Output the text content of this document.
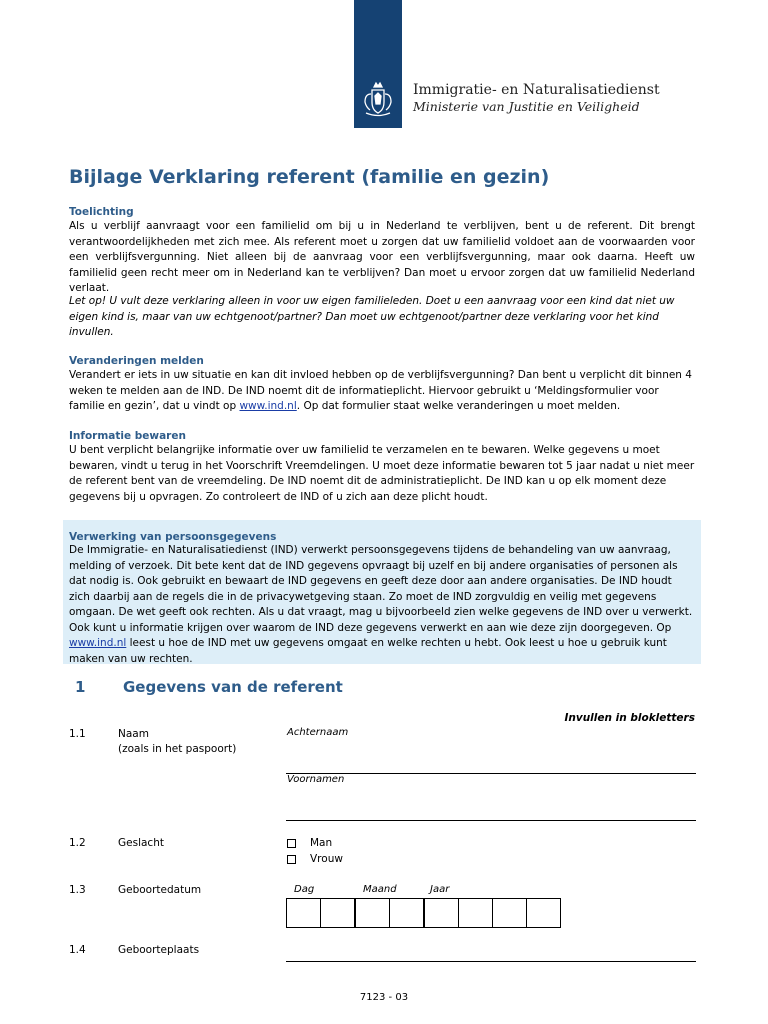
Immigratie- en Naturalisatiedienst
Ministerie van Justitie en Veiligheid
Bijlage Verklaring referent (familie en gezin)
Toelichting
Als u verblijf aanvraagt voor een familielid om bij u in Nederland te verblijven, bent u de referent. Dit brengt verantwoordelijkheden met zich mee. Als referent moet u zorgen dat uw familielid voldoet aan de voorwaarden voor een verblijfsvergunning. Niet alleen bij de aanvraag voor een verblijfsvergunning, maar ook daarna. Heeft uw familielid geen recht meer om in Nederland kan te verblijven? Dan moet u ervoor zorgen dat uw familielid Nederland verlaat.
Let op! U vult deze verklaring alleen in voor uw eigen familieleden. Doet u een aanvraag voor een kind dat niet uw eigen kind is, maar van uw echtgenoot/partner? Dan moet uw echtgenoot/partner deze verklaring voor het kind invullen.
Veranderingen melden
Verandert er iets in uw situatie en kan dit invloed hebben op de verblijfsvergunning? Dan bent u verplicht dit binnen 4 weken te melden aan de IND. De IND noemt dit de informatieplicht. Hiervoor gebruikt u ‘Meldingsformulier voor familie en gezin’, dat u vindt op www.ind.nl. Op dat formulier staat welke veranderingen u moet melden.
Informatie bewaren
U bent verplicht belangrijke informatie over uw familielid te verzamelen en te bewaren. Welke gegevens u moet bewaren, vindt u terug in het Voorschrift Vreemdelingen. U moet deze informatie bewaren tot 5 jaar nadat u niet meer de referent bent van de vreemdeling. De IND noemt dit de administratieplicht. De IND kan u op elk moment deze gegevens bij u opvragen. Zo controleert de IND of u zich aan deze plicht houdt.
Verwerking van persoonsgegevens
De Immigratie- en Naturalisatiedienst (IND) verwerkt persoonsgegevens tijdens de behandeling van uw aanvraag, melding of verzoek. Dit bete kent dat de IND gegevens opvraagt bij uzelf en bij andere organisaties of personen als dat nodig is. Ook gebruikt en bewaart de IND gegevens en geeft deze door aan andere organisaties. De IND houdt zich daarbij aan de regels die in de privacywetgeving staan. Zo moet de IND zorgvuldig en veilig met gegevens omgaan. De wet geeft ook rechten. Als u dat vraagt, mag u bijvoorbeeld zien welke gegevens de IND over u verwerkt. Ook kunt u informatie krijgen over waarom de IND deze gegevens verwerkt en aan wie deze zijn doorgegeven. Op www.ind.nl leest u hoe de IND met uw gegevens omgaat en welke rechten u hebt. Ook leest u hoe u gebruik kunt maken van uw rechten.
1	Gegevens van de referent
Invullen in blokletters
1.1	Naam
(zoals in het paspoort)
Achternaam
Voornamen
1.2	Geslacht	Man
Vrouw
1.3	Geboortedatum	Dag	Maand	Jaar
1.4	Geboorteplaats
7123 - 03
